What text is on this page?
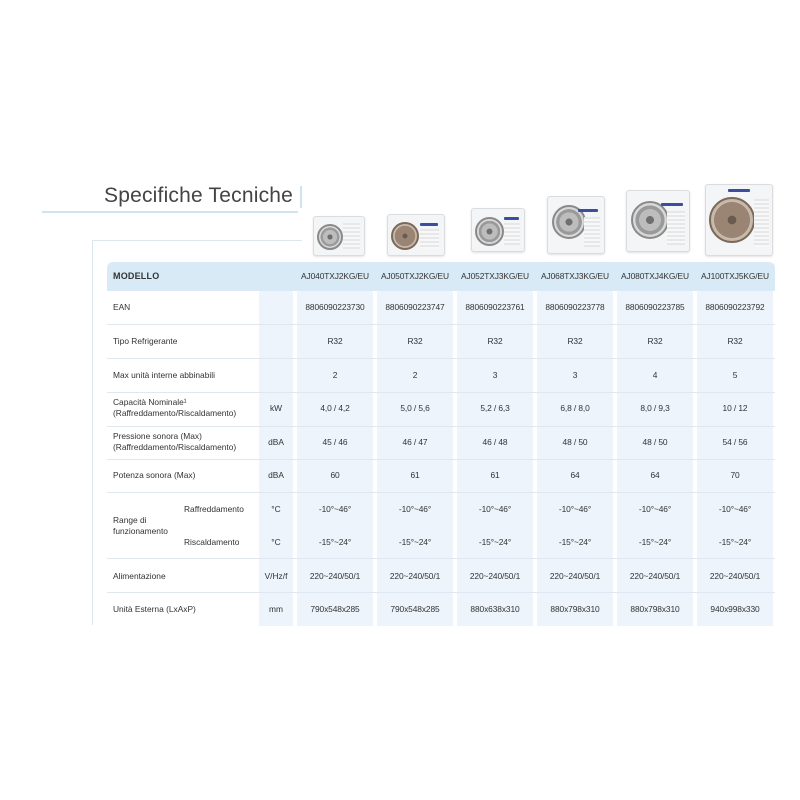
Specifiche Tecniche
MODELLO	AJ040TXJ2KG/EU	AJ050TXJ2KG/EU	AJ052TXJ3KG/EU	AJ068TXJ3KG/EU	AJ080TXJ4KG/EU	AJ100TXJ5KG/EU
EAN	8806090223730	8806090223747	8806090223761	8806090223778	8806090223785	8806090223792
Tipo Refrigerante	R32	R32	R32	R32	R32	R32
Max unità interne abbinabili	2	2	3	3	4	5
Capacità Nominale¹
(Raffreddamento/Riscaldamento)	kW	4,0 / 4,2	5,0 / 5,6	5,2 / 6,3	6,8 / 8,0	8,0 / 9,3	10 / 12
Pressione sonora (Max)
(Raffreddamento/Riscaldamento)	dBA	45 / 46	46 / 47	46 / 48	48 / 50	48 / 50	54 / 56
Potenza sonora (Max)	dBA	60	61	61	64	64	70
Range di
funzionamento
Raffreddamento	°C	-10°~46°	-10°~46°	-10°~46°	-10°~46°	-10°~46°	-10°~46°
Riscaldamento	°C	-15°~24°	-15°~24°	-15°~24°	-15°~24°	-15°~24°	-15°~24°
Alimentazione	V/Hz/f	220~240/50/1	220~240/50/1	220~240/50/1	220~240/50/1	220~240/50/1	220~240/50/1
Unità Esterna (LxAxP)	mm	790x548x285	790x548x285	880x638x310	880x798x310	880x798x310	940x998x330
